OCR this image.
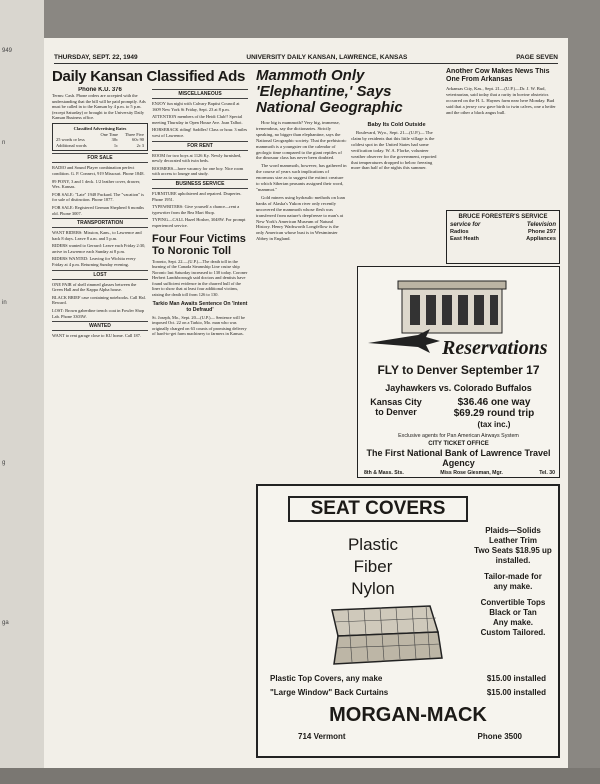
949
n
in
g
ga
THURSDAY, SEPT. 22, 1949	UNIVERSITY DAILY KANSAN, LAWRENCE, KANSAS	PAGE SEVEN
Daily Kansan Classified Ads
Phone K.U. 376

Terms: Cash. Phone orders are accepted with the understanding that the bill will be paid promptly. Ads must be called in to the Kansan by 4 p.m. to 5 p.m. (except Saturday) or brought to the University Daily Kansan Business office.

Classified Advertising Rates
	One Time	Three Five
25 words or less	30c	60c 90
Additional words	1c	2c 3
FOR SALE

RADIO and Sound Player combination perfect condition. G. P. Connect, 919 Missouri. Phone 1848.

89 PONY, 3 and 1 deck. 1/2 leather cover, drawer, Wes. Kansas.

FOR SALE: "Late" 1948 Packard. The "vacation" is for sale of distinction. Phone 1877.

FOR SALE: Registered German Shepherd 6 months old. Phone 3007.

TRANSPORTATION

WANT RIDERS: Mission, Kans., to Lawrence and back 8 days. Leave 8 a.m. and 5 p.m.

RIDERS wanted to Gerrard: Leave each Friday 2:30, arrive in Lawrence each Sunday at 8 p.m.

RIDERS WANTED: Leaving for Wichita every Friday at 4 p.m. Returning Sunday evening.

LOST

ONE PAIR of shell rimmed glasses between the Green Hall and the Kappa Alpha house.

BLACK BRIEF case containing notebooks. Call Hal. Reward.

LOST: Brown gaberdine trench coat in Fowler Shop Lab. Phone 3303W.

WANTED

WANT to rent garage close to KU home. Call 187.

MISCELLANEOUS

ENJOY fun night with Calvary Baptist Council at 1609 New York St Friday, Sept. 23 at 8 p.m.

ATTENTION members of the Heidi Club!! Special meeting Thursday in Open House Ave. Joan Talbot.

HORSEBACK riding! Saddles! Class or hour. 3 miles west of Lawrence.

FOR RENT

ROOM for two boys at 1126 Ky. Newly furnished, newly decorated with twin beds.

ROOMERS—have vacancy for one boy. Nice room with access to lounge and study.

BUSINESS SERVICE

FURNITURE upholstered and repaired. Draperies. Phone 1951.

TYPEWRITERS: Give yourself a chance—rent a typewriter from the Bea Mart Shop.

TYPING—CALL Hazel Hosher, 3048W. For prompt experienced service.

Four Four Victims To Noronic Toll

Toronto, Sept. 22.—(U.P.)—The death toll in the burning of the Canada Steamship Line cruise ship Noronic last Saturday increased to 130 today. Coroner Herbert Landsborough said doctors and dentists have found sufficient evidence in the charred hull of the liner to show that at least four additional victims, raising the death toll from 126 to 130.

Tarkio Man Awaits Sentence On 'Intent to Defraud'

St. Joseph, Mo., Sept. 20—(U.P.)— Sentence will be imposed Oct. 22 on a Tarkio, Mo. man who was originally charged on 63 counts of promising delivery of hard-to-get farm machinery to farmers in Kansas.

Mammoth Only 'Elephantine,' Says National Geographic

How big is mammoth? Very big, immense, tremendous, say the dictionaries. Strictly speaking, no bigger than elephantine, says the National Geographic society. That the prehistoric mammoth is a youngster on the calendar of geologic time compared to the giant reptiles of the dinosaur class has never been doubted.

The word mammoth, however, has gathered in the course of years such implications of enormous size as to suggest the extinct creature to which Siberian peasants assigned their word, "mammot."

Gold miners using hydraulic methods on loan banks of Alaska's Yukon river only recently uncovered the mammoth whose flesh was transferred from nature's deepfreeze to man's at New York's American Museum of Natural History. Henry Wadsworth Longfellow is the only American whose bust is in Westminster Abbey in England.

Baby Its Cold Outside

Boulevard, Wyo., Sept. 21—(U.P.)— The claim by residents that this little village is the coldest spot in the United States had some verification today. W. A. Florke, volunteer weather observer for the government, reported that temperatures dropped to below freezing more than half of the nights this summer.

Another Cow Makes News This One From Arkansas
Arkansas City, Kas., Sept. 21—(U.P.)—Dr. J. W. Bud, veterinarian, said today that a rarity in bovine obstetrics occurred on the H. L. Haynes farm near here Monday. Bud said that a jersey cow gave birth to twin calves, one a heifer and the other a black angus bull.
BRUCE FORESTER'S SERVICE
service for	Television
Radios	Phone 297
East Heath	Appliances
Reservations
FLY to Denver September 17
Jayhawkers vs. Colorado Buffalos
Kansas City to Denver
$36.46 one way
$69.29 round trip
(tax inc.)
Exclusive agents for Pan American Airways System
CITY TICKET OFFICE
The First National Bank of Lawrence Travel Agency
8th & Mass. Sts.	Miss Rose Giesman, Mgr.	Tel. 30
SEAT COVERS
Plastic
Fiber
Nylon
Plaids—Solids
Leather Trim
Two Seats $18.95 up
installed.
Tailor-made for
any make.
Convertible Tops
Black or Tan
Any make.
Custom Tailored.
Plastic Top Covers, any make	$15.00 installed
"Large Window" Back Curtains	$15.00 installed
MORGAN-MACK
714 Vermont	Phone 3500
